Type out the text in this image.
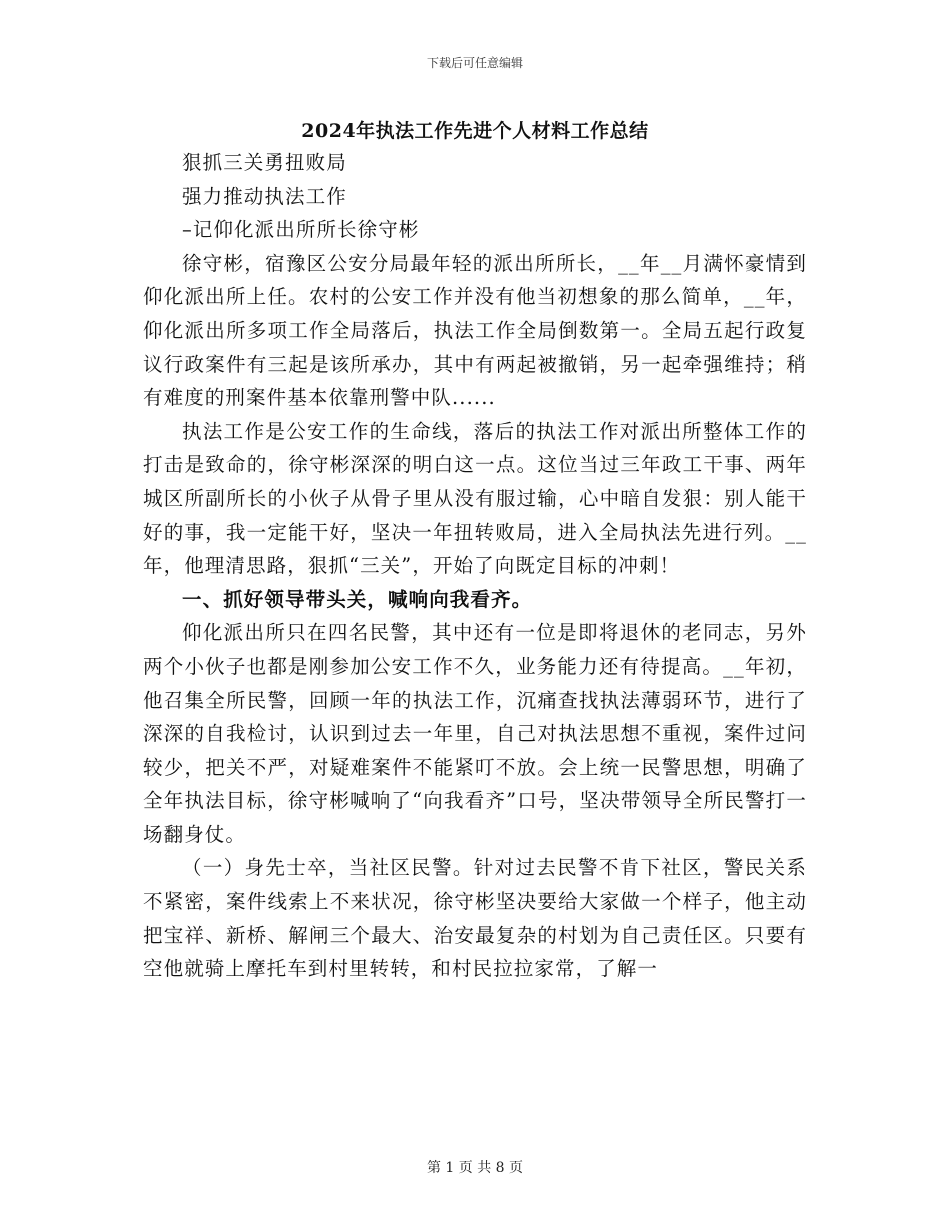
下载后可任意编辑
2024年执法工作先进个人材料工作总结

狠抓三关勇扭败局

强力推动执法工作

–记仰化派出所所长徐守彬

徐守彬，宿豫区公安分局最年轻的派出所所长，__年__月满怀豪情到仰化派出所上任。农村的公安工作并没有他当初想象的那么简单，__年，仰化派出所多项工作全局落后，执法工作全局倒数第一。全局五起行政复议行政案件有三起是该所承办，其中有两起被撤销，另一起牵强维持；稍有难度的刑案件基本依靠刑警中队......

执法工作是公安工作的生命线，落后的执法工作对派出所整体工作的打击是致命的，徐守彬深深的明白这一点。这位当过三年政工干事、两年城区所副所长的小伙子从骨子里从没有服过输，心中暗自发狠：别人能干好的事，我一定能干好，坚决一年扭转败局，进入全局执法先进行列。__年，他理清思路，狠抓“三关”，开始了向既定目标的冲刺！

一、抓好领导带头关，喊响向我看齐。

仰化派出所只在四名民警，其中还有一位是即将退休的老同志，另外两个小伙子也都是刚参加公安工作不久，业务能力还有待提高。__年初，他召集全所民警，回顾一年的执法工作，沉痛查找执法薄弱环节，进行了深深的自我检讨，认识到过去一年里，自己对执法思想不重视，案件过问较少，把关不严，对疑难案件不能紧叮不放。会上统一民警思想，明确了全年执法目标，徐守彬喊响了“向我看齐”口号，坚决带领导全所民警打一场翻身仗。

（一）身先士卒，当社区民警。针对过去民警不肯下社区，警民关系不紧密，案件线索上不来状况，徐守彬坚决要给大家做一个样子，他主动把宝祥、新桥、解闸三个最大、治安最复杂的村划为自己责任区。只要有空他就骑上摩托车到村里转转，和村民拉拉家常，了解一

第 1 页 共 8 页
